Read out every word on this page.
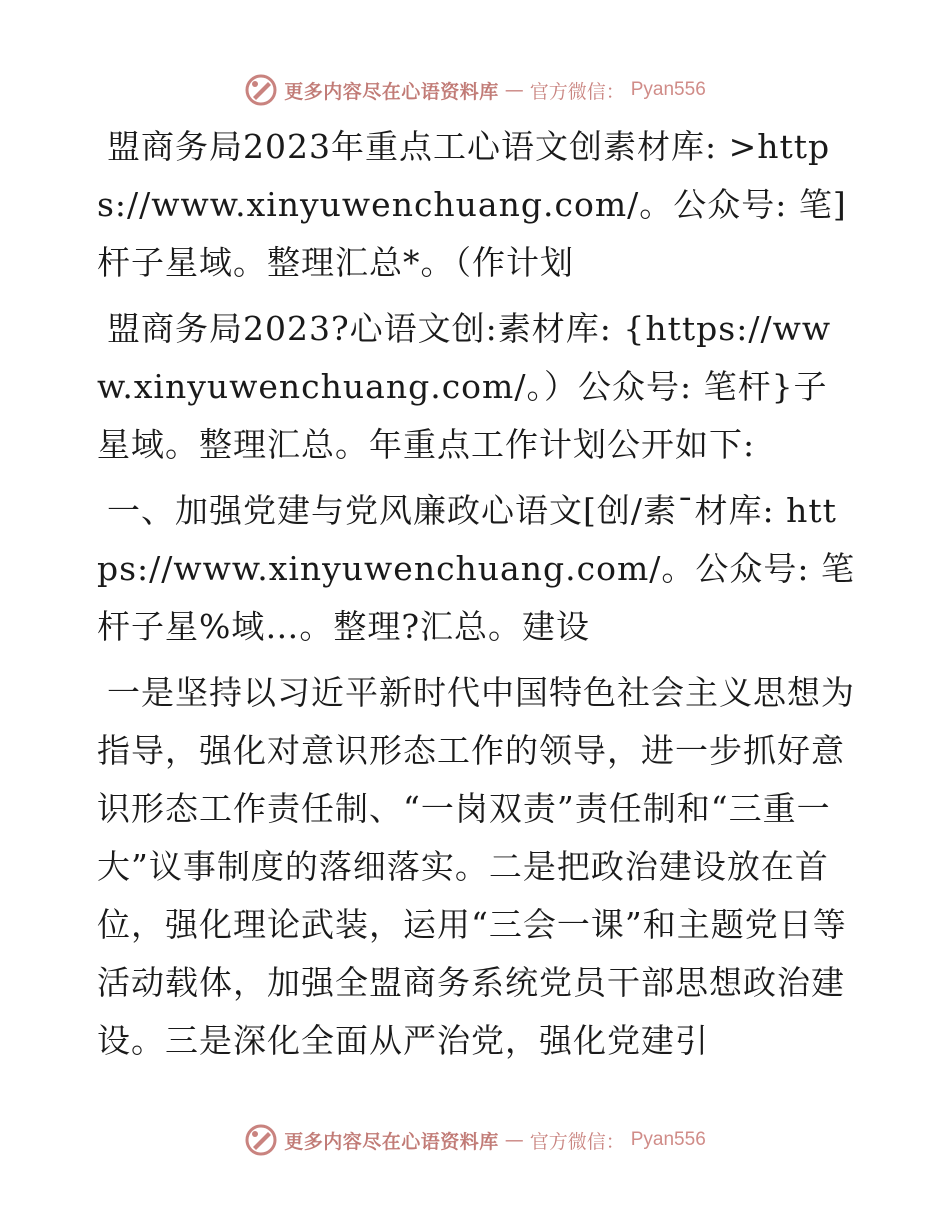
更多内容尽在心语资料库 — 官方微信： Pyan556

盟商务局2023年重点工心语文创素材库: >https://www.xinyuwenchuang.com/。公众号: 笔]杆子星域。整理汇总*。（作计划

盟商务局2023?心语文创:素材库: {https://www.xinyuwenchuang.com/。）公众号: 笔杆}子星域。整理汇总。年重点工作计划公开如下:

一、加强党建与党风廉政心语文[创/素¯材库: https://www.xinyuwenchuang.com/。公众号: 笔杆子星%域…。整理?汇总。建设

一是坚持以习近平新时代中国特色社会主义思想为指导，强化对意识形态工作的领导，进一步抓好意识形态工作责任制、“一岗双责”责任制和“三重一大”议事制度的落细落实。二是把政治建设放在首位，强化理论武装，运用“三会一课”和主题党日等活动载体，加强全盟商务系统党员干部思想政治建设。三是深化全面从严治党，强化党建引

更多内容尽在心语资料库 — 官方微信： Pyan556
